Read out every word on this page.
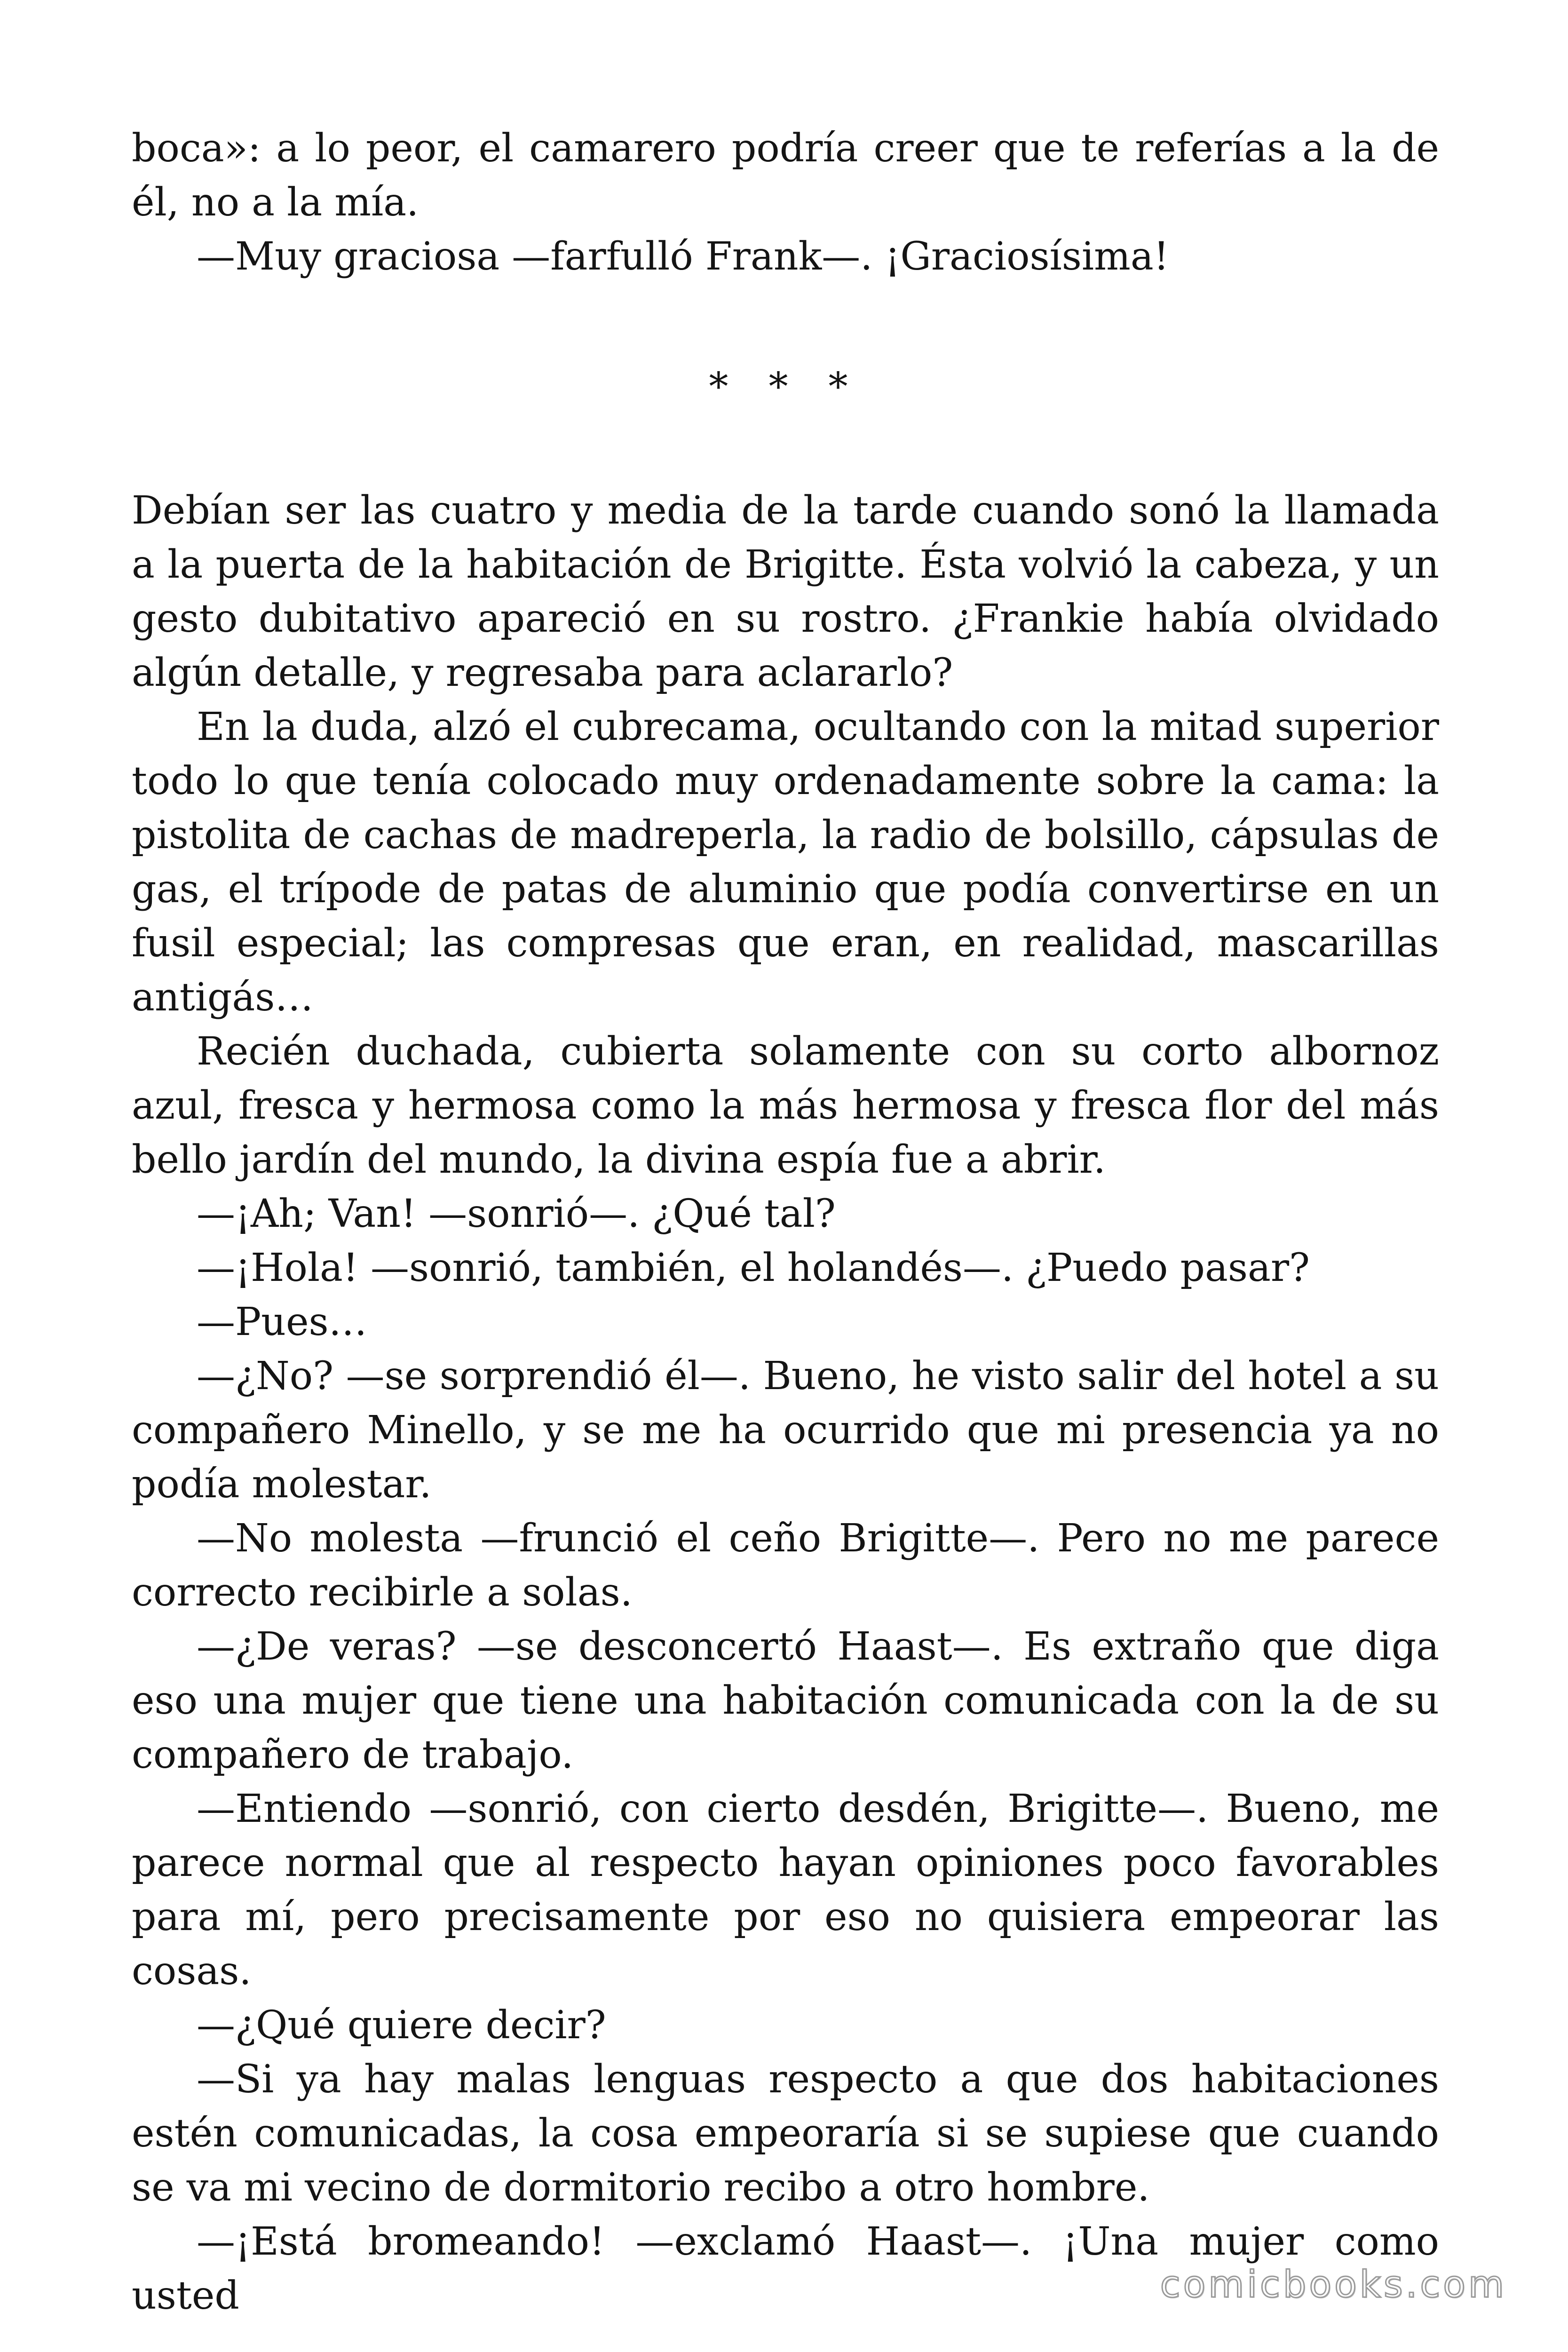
boca»: a lo peor, el camarero podría creer que te referías a la de él, no a la mía.

—Muy graciosa —farfulló Frank—. ¡Graciosísima!

* * *

Debían ser las cuatro y media de la tarde cuando sonó la llamada a la puerta de la habitación de Brigitte. Ésta volvió la cabeza, y un gesto dubitativo apareció en su rostro. ¿Frankie había olvidado algún detalle, y regresaba para aclararlo?

En la duda, alzó el cubrecama, ocultando con la mitad superior todo lo que tenía colocado muy ordenadamente sobre la cama: la pistolita de cachas de madreperla, la radio de bolsillo, cápsulas de gas, el trípode de patas de aluminio que podía convertirse en un fusil especial; las compresas que eran, en realidad, mascarillas antigás…

Recién duchada, cubierta solamente con su corto albornoz azul, fresca y hermosa como la más hermosa y fresca flor del más bello jardín del mundo, la divina espía fue a abrir.

—¡Ah; Van! —sonrió—. ¿Qué tal?

—¡Hola! —sonrió, también, el holandés—. ¿Puedo pasar?

—Pues…

—¿No? —se sorprendió él—. Bueno, he visto salir del hotel a su compañero Minello, y se me ha ocurrido que mi presencia ya no podía molestar.

—No molesta —frunció el ceño Brigitte—. Pero no me parece correcto recibirle a solas.

—¿De veras? —se desconcertó Haast—. Es extraño que diga eso una mujer que tiene una habitación comunicada con la de su compañero de trabajo.

—Entiendo —sonrió, con cierto desdén, Brigitte—. Bueno, me parece normal que al respecto hayan opiniones poco favorables para mí, pero precisamente por eso no quisiera empeorar las cosas.

—¿Qué quiere decir?

—Si ya hay malas lenguas respecto a que dos habitaciones estén comunicadas, la cosa empeoraría si se supiese que cuando se va mi vecino de dormitorio recibo a otro hombre.

—¡Está bromeando! —exclamó Haast—. ¡Una mujer como usted	comicbooks.com
